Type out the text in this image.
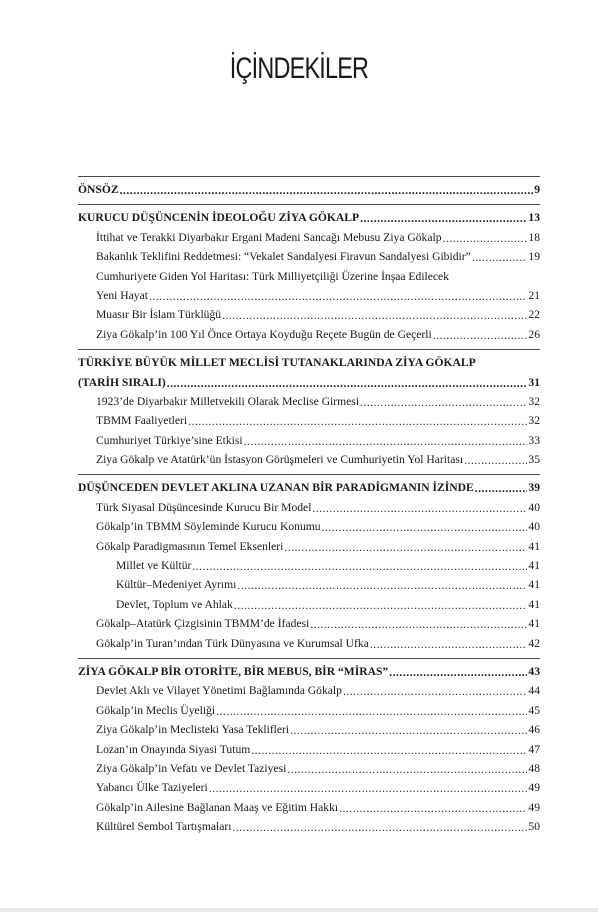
İÇİNDEKİLER
ÖNSÖZ .....	9
KURUCU DÜŞÜNCENİN İDEOLOĞU ZİYA GÖKALP .....	13
İttihat ve Terakki Diyarbakır Ergani Madeni Sancağı Mebusu Ziya Gökalp .....	18
Bakanlık Teklifini Reddetmesi: “Vekalet Sandalyesi Firavun Sandalyesi Gibidir” .....	19
Cumhuriyete Giden Yol Haritası: Türk Milliyetçiliği Üzerine İnşaa Edilecek
Yeni Hayat .....	21
Muasır Bir İslam Türklüğü .....	22
Ziya Gökalp’in 100 Yıl Önce Ortaya Koyduğu Reçete Bugün de Geçerli .....	26
TÜRKİYE BÜYÜK MİLLET MECLİSİ TUTANAKLARINDA ZİYA GÖKALP
(TARİH SIRALI) .....	31
1923’de Diyarbakır Milletvekili Olarak Meclise Girmesi .....	32
TBMM Faaliyetleri .....	32
Cumhuriyet Türkiye’sine Etkisi .....	33
Ziya Gökalp ve Atatürk’ün İstasyon Görüşmeleri ve Cumhuriyetin Yol Haritası .....	35
DÜŞÜNCEDEN DEVLET AKLINA UZANAN BİR PARADİGMANIN İZİNDE .....	39
Türk Siyasal Düşüncesinde Kurucu Bir Model .....	40
Gökalp’in TBMM Söyleminde Kurucu Konumu .....	40
Gökalp Paradigmasının Temel Eksenleri .....	41
Millet ve Kültür .....	41
Kültür–Medeniyet Ayrımı .....	41
Devlet, Toplum ve Ahlak .....	41
Gökalp–Atatürk Çizgisinin TBMM’de İfadesi .....	41
Gökalp’in Turan’ından Türk Dünyasına ve Kurumsal Ufka .....	42
ZİYA GÖKALP BİR OTORİTE, BİR MEBUS, BİR “MİRAS” .....	43
Devlet Aklı ve Vilayet Yönetimi Bağlamında Gökalp .....	44
Gökalp’in Meclis Üyeliği .....	45
Ziya Gökalp’in Meclisteki Yasa Teklifleri .....	46
Lozan’ın Onayında Siyasi Tutum .....	47
Ziya Gökalp’in Vefatı ve Devlet Taziyesi .....	48
Yabancı Ülke Taziyeleri .....	49
Gökalp’in Ailesine Bağlanan Maaş ve Eğitim Hakkı .....	49
Kültürel Sembol Tartışmaları .....	50
